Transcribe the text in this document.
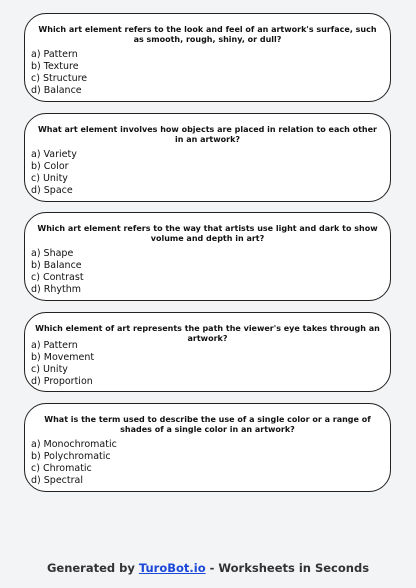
Which art element refers to the look and feel of an artwork's surface, such as smooth, rough, shiny, or dull?
a) Pattern
b) Texture
c) Structure
d) Balance
What art element involves how objects are placed in relation to each other in an artwork?
a) Variety
b) Color
c) Unity
d) Space
Which art element refers to the way that artists use light and dark to show volume and depth in art?
a) Shape
b) Balance
c) Contrast
d) Rhythm
Which element of art represents the path the viewer's eye takes through an artwork?
a) Pattern
b) Movement
c) Unity
d) Proportion
What is the term used to describe the use of a single color or a range of shades of a single color in an artwork?
a) Monochromatic
b) Polychromatic
c) Chromatic
d) Spectral
Generated by TuroBot.io - Worksheets in Seconds
